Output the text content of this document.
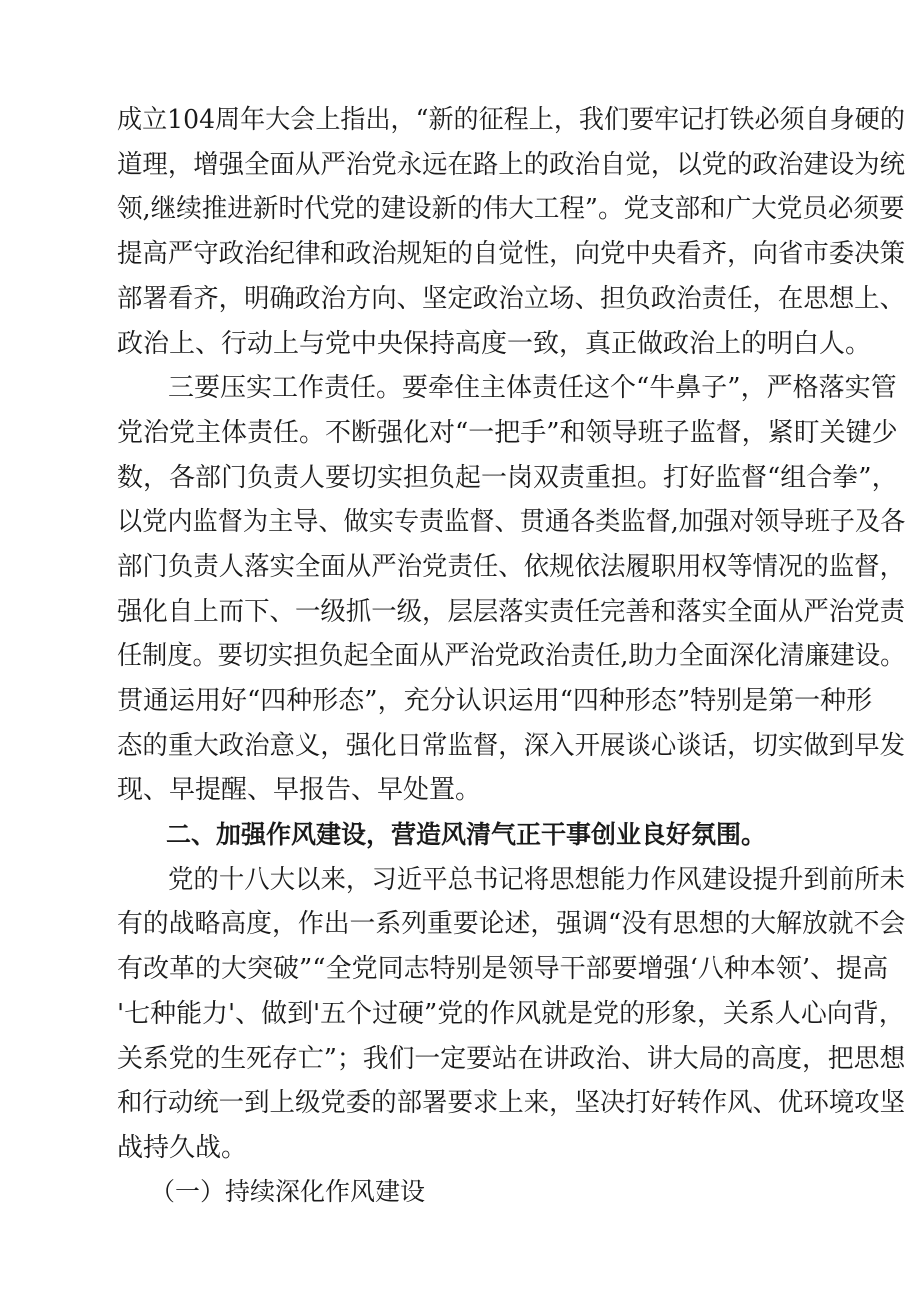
成立104周年大会上指出，“新的征程上，我们要牢记打铁必须自身硬的
道理，增强全面从严治党永远在路上的政治自觉，以党的政治建设为统
领,继续推进新时代党的建设新的伟大工程”。党支部和广大党员必须要
提高严守政治纪律和政治规矩的自觉性，向党中央看齐，向省市委决策
部署看齐，明确政治方向、坚定政治立场、担负政治责任，在思想上、
政治上、行动上与党中央保持高度一致，真正做政治上的明白人。
三要压实工作责任。要牵住主体责任这个“牛鼻子”，严格落实管
党治党主体责任。不断强化对“一把手”和领导班子监督，紧盯关键少
数，各部门负责人要切实担负起一岗双责重担。打好监督“组合拳”，
以党内监督为主导、做实专责监督、贯通各类监督,加强对领导班子及各
部门负责人落实全面从严治党责任、依规依法履职用权等情况的监督，
强化自上而下、一级抓一级，层层落实责任完善和落实全面从严治党责
任制度。要切实担负起全面从严治党政治责任,助力全面深化清廉建设。
贯通运用好“四种形态”，充分认识运用“四种形态”特别是第一种形
态的重大政治意义，强化日常监督，深入开展谈心谈话，切实做到早发
现、早提醒、早报告、早处置。
二、加强作风建设，营造风清气正干事创业良好氛围。
党的十八大以来，习近平总书记将思想能力作风建设提升到前所未
有的战略高度，作出一系列重要论述，强调“没有思想的大解放就不会
有改革的大突破”“全党同志特别是领导干部要增强‘八种本领’、提高
'七种能力'、做到'五个过硬”党的作风就是党的形象，关系人心向背，
关系党的生死存亡”；我们一定要站在讲政治、讲大局的高度，把思想
和行动统一到上级党委的部署要求上来，坚决打好转作风、优环境攻坚
战持久战。
（一）持续深化作风建设
